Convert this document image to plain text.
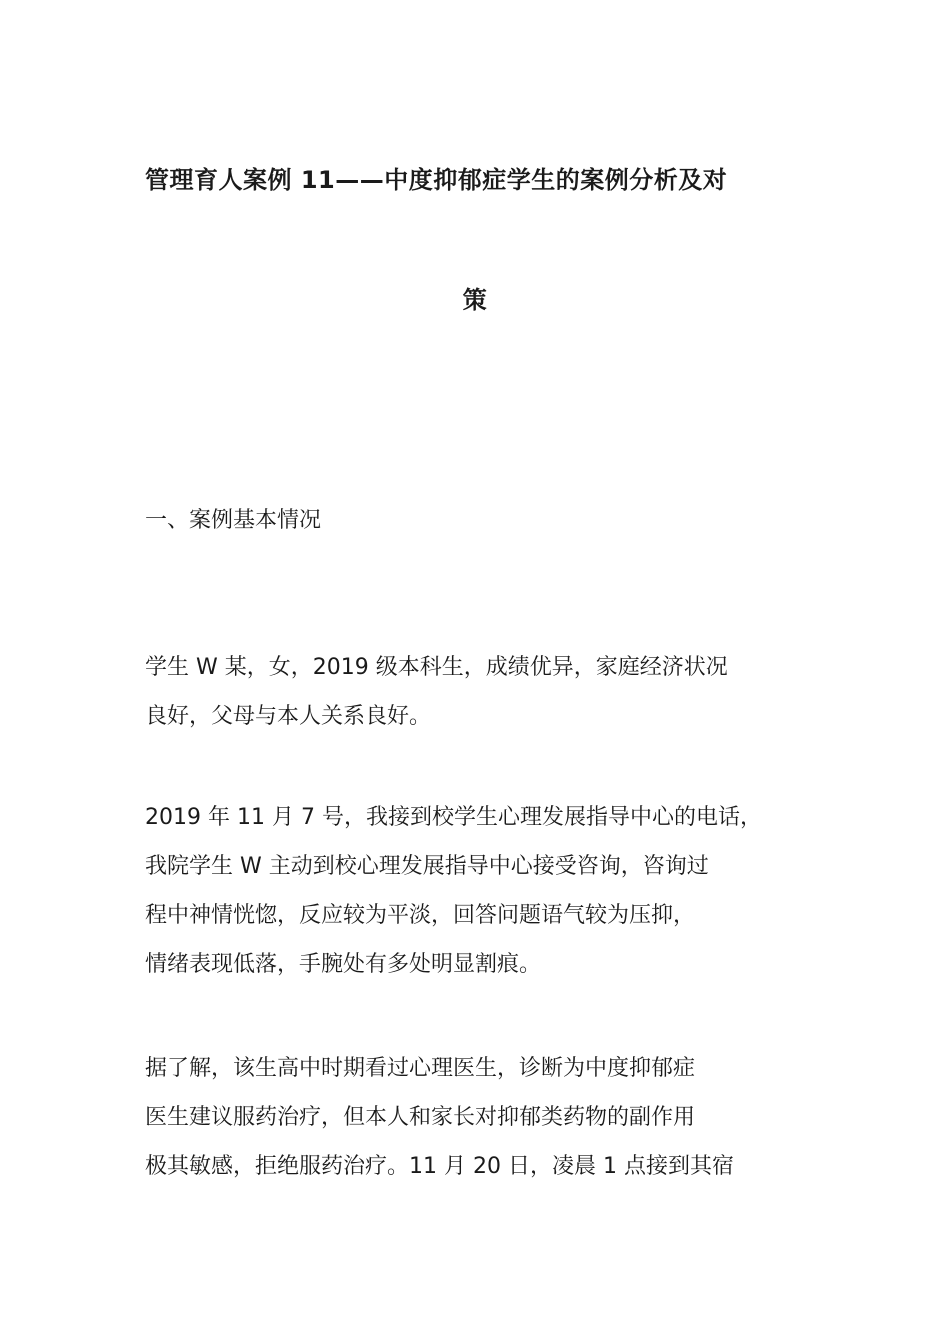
管理育人案例 11——中度抑郁症学生的案例分析及对
策
一、案例基本情况
学生 W 某，女，2019 级本科生，成绩优异，家庭经济状况
良好，父母与本人关系良好。
2019 年 11 月 7 号，我接到校学生心理发展指导中心的电话，
我院学生 W 主动到校心理发展指导中心接受咨询，咨询过
程中神情恍惚，反应较为平淡，回答问题语气较为压抑，
情绪表现低落，手腕处有多处明显割痕。
据了解，该生高中时期看过心理医生，诊断为中度抑郁症
医生建议服药治疗，但本人和家长对抑郁类药物的副作用
极其敏感，拒绝服药治疗。11 月 20 日，凌晨 1 点接到其宿
